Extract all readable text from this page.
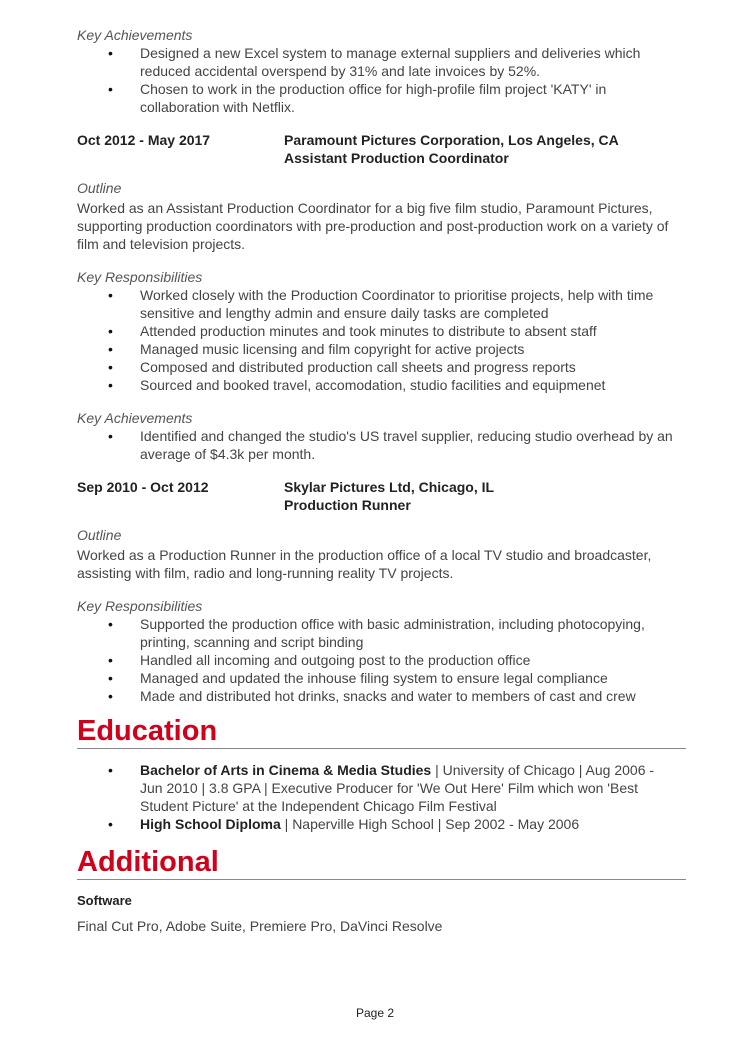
Key Achievements
• Designed a new Excel system to manage external suppliers and deliveries which reduced accidental overspend by 31% and late invoices by 52%.
• Chosen to work in the production office for high-profile film project 'KATY' in collaboration with Netflix.
Oct 2012 - May 2017	Paramount Pictures Corporation, Los Angeles, CA
Assistant Production Coordinator
Outline
Worked as an Assistant Production Coordinator for a big five film studio, Paramount Pictures, supporting production coordinators with pre-production and post-production work on a variety of film and television projects.
Key Responsibilities
• Worked closely with the Production Coordinator to prioritise projects, help with time sensitive and lengthy admin and ensure daily tasks are completed
• Attended production minutes and took minutes to distribute to absent staff
• Managed music licensing and film copyright for active projects
• Composed and distributed production call sheets and progress reports
• Sourced and booked travel, accomodation, studio facilities and equipmenet
Key Achievements
• Identified and changed the studio's US travel supplier, reducing studio overhead by an average of $4.3k per month.
Sep 2010 - Oct 2012	Skylar Pictures Ltd, Chicago, IL
Production Runner
Outline
Worked as a Production Runner in the production office of a local TV studio and broadcaster, assisting with film, radio and long-running reality TV projects.
Key Responsibilities
• Supported the production office with basic administration, including photocopying, printing, scanning and script binding
• Handled all incoming and outgoing post to the production office
• Managed and updated the inhouse filing system to ensure legal compliance
• Made and distributed hot drinks, snacks and water to members of cast and crew
Education
• Bachelor of Arts in Cinema & Media Studies | University of Chicago | Aug 2006 - Jun 2010 | 3.8 GPA | Executive Producer for 'We Out Here' Film which won 'Best Student Picture' at the Independent Chicago Film Festival
• High School Diploma | Naperville High School | Sep 2002 - May 2006
Additional
Software
Final Cut Pro, Adobe Suite, Premiere Pro, DaVinci Resolve
Page 2
